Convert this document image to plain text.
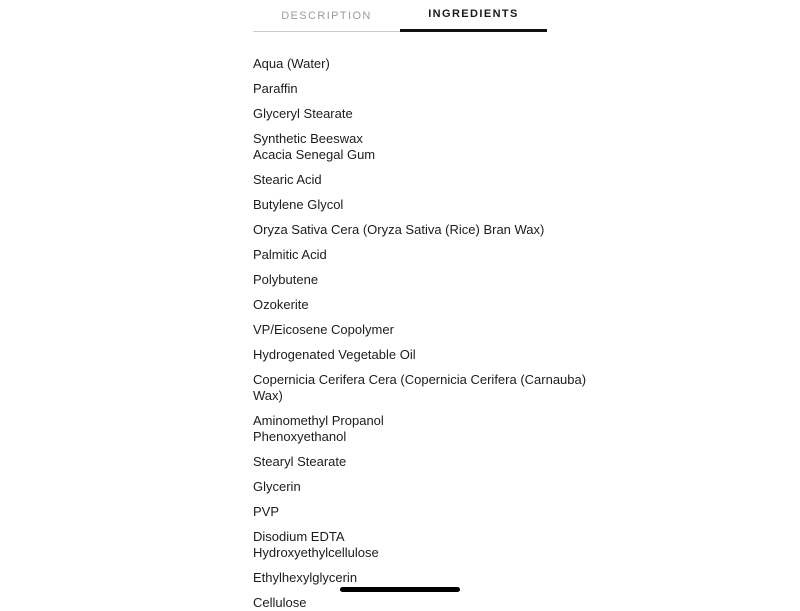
DESCRIPTION	INGREDIENTS
Aqua (Water)
Paraffin
Glyceryl Stearate
Synthetic Beeswax
Acacia Senegal Gum
Stearic Acid
Butylene Glycol
Oryza Sativa Cera (Oryza Sativa (Rice) Bran Wax)
Palmitic Acid
Polybutene
Ozokerite
VP/Eicosene Copolymer
Hydrogenated Vegetable Oil
Copernicia Cerifera Cera (Copernicia Cerifera (Carnauba)
Wax)
Aminomethyl Propanol
Phenoxyethanol
Stearyl Stearate
Glycerin
PVP
Disodium EDTA
Hydroxyethylcellulose
Ethylhexylglycerin
Cellulose
